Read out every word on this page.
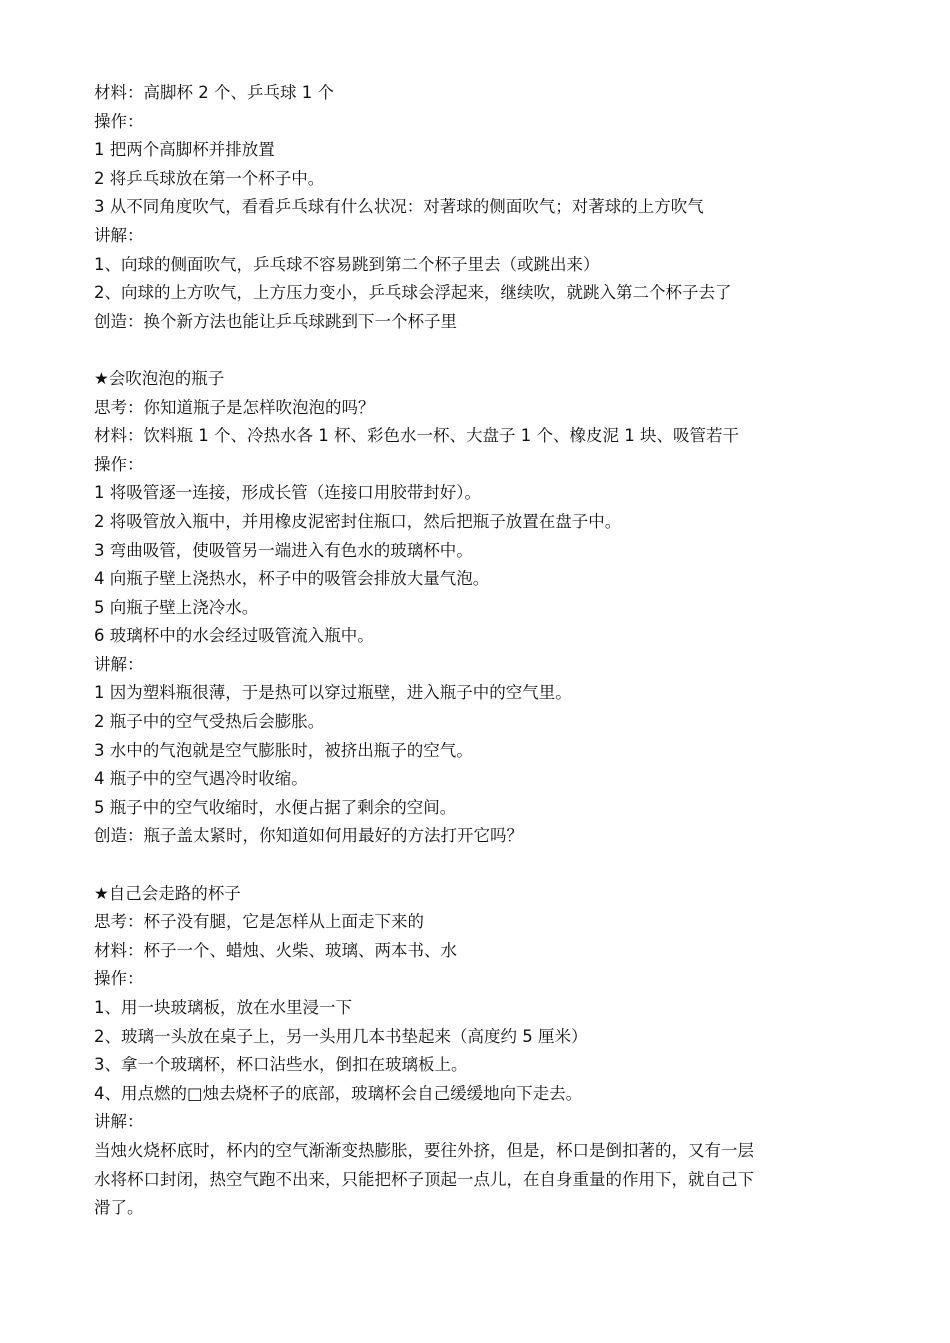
材料：高脚杯 2 个、乒乓球 1 个
操作：
1 把两个高脚杯并排放置
2 将乒乓球放在第一个杯子中。
3 从不同角度吹气，看看乒乓球有什么状况：对著球的侧面吹气；对著球的上方吹气
讲解：
1、向球的侧面吹气，乒乓球不容易跳到第二个杯子里去（或跳出来）
2、向球的上方吹气，上方压力变小，乒乓球会浮起来，继续吹，就跳入第二个杯子去了
创造：换个新方法也能让乒乓球跳到下一个杯子里
★会吹泡泡的瓶子
思考：你知道瓶子是怎样吹泡泡的吗？
材料：饮料瓶 1 个、冷热水各 1 杯、彩色水一杯、大盘子 1 个、橡皮泥 1 块、吸管若干
操作：
1 将吸管逐一连接，形成长管（连接口用胶带封好）。
2 将吸管放入瓶中，并用橡皮泥密封住瓶口，然后把瓶子放置在盘子中。
3 弯曲吸管，使吸管另一端进入有色水的玻璃杯中。
4 向瓶子壁上浇热水，杯子中的吸管会排放大量气泡。
5 向瓶子壁上浇冷水。
6 玻璃杯中的水会经过吸管流入瓶中。
讲解：
1 因为塑料瓶很薄，于是热可以穿过瓶壁，进入瓶子中的空气里。
2 瓶子中的空气受热后会膨胀。
3 水中的气泡就是空气膨胀时，被挤出瓶子的空气。
4 瓶子中的空气遇冷时收缩。
5 瓶子中的空气收缩时，水便占据了剩余的空间。
创造：瓶子盖太紧时，你知道如何用最好的方法打开它吗？
★自己会走路的杯子
思考：杯子没有腿，它是怎样从上面走下来的
材料：杯子一个、蜡烛、火柴、玻璃、两本书、水
操作：
1、用一块玻璃板，放在水里浸一下
2、玻璃一头放在桌子上，另一头用几本书垫起来（高度约 5 厘米）
3、拿一个玻璃杯，杯口沾些水，倒扣在玻璃板上。
4、用点燃的□烛去烧杯子的底部，玻璃杯会自己缓缓地向下走去。
讲解：
当烛火烧杯底时，杯内的空气渐渐变热膨胀，要往外挤，但是，杯口是倒扣著的，又有一层
水将杯口封闭，热空气跑不出来，只能把杯子顶起一点儿，在自身重量的作用下，就自己下
滑了。
